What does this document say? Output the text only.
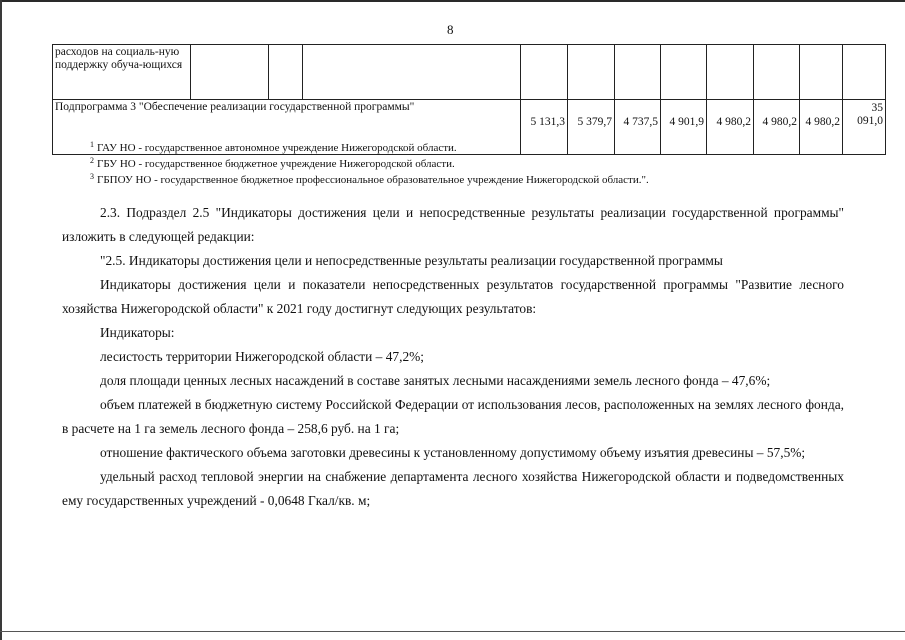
8
расходов на социаль-ную поддержку обуча-ющихся											
Подпрограмма 3 "Обеспечение реализации государственной программы"				5 131,3	5 379,7	4 737,5	4 901,9	4 980,2	4 980,2	4 980,2	35 091,0
$^1$ ГАУ НО - государственное автономное учреждение Нижегородской области.
$^2$ ГБУ НО - государственное бюджетное учреждение Нижегородской области.
$^3$ ГБПОУ НО - государственное бюджетное профессиональное образовательное учреждение Нижегородской области.".

2.3. Подраздел 2.5 "Индикаторы достижения цели и непосредственные результаты реализации государственной программы" изложить в следующей редакции:

"2.5. Индикаторы достижения цели и непосредственные результаты реализации государственной программы

Индикаторы достижения цели и показатели непосредственных результатов государственной программы "Развитие лесного хозяйства Нижегородской области" к 2021 году достигнут следующих результатов:

Индикаторы:

лесистость территории Нижегородской области – 47,2%;

доля площади ценных лесных насаждений в составе занятых лесными насаждениями земель лесного фонда – 47,6%;

объем платежей в бюджетную систему Российской Федерации от использования лесов, расположенных на землях лесного фонда, в расчете на 1 га земель лесного фонда – 258,6 руб. на 1 га;

отношение фактического объема заготовки древесины к установленному допустимому объему изъятия древесины – 57,5%;

удельный расход тепловой энергии на снабжение департамента лесного хозяйства Нижегородской области и подведомственных ему государственных учреждений - 0,0648 Гкал/кв. м;
